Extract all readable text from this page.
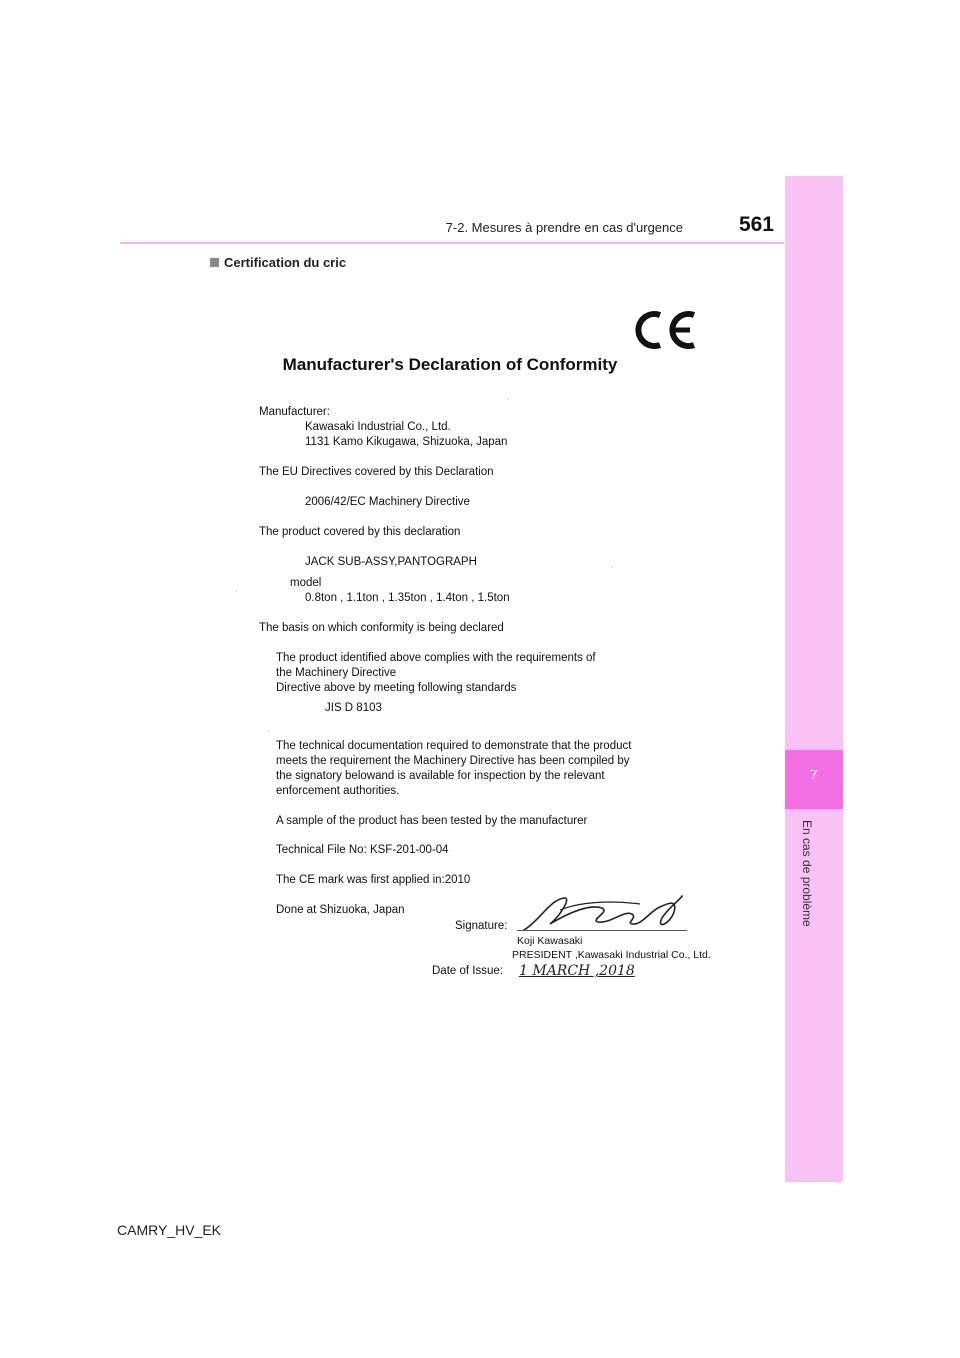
7-2. Mesures à prendre en cas d'urgence	561
7
En cas de problème
Certification du cric
Manufacturer's Declaration of Conformity
Manufacturer:
Kawasaki Industrial Co., Ltd.
1131 Kamo Kikugawa, Shizuoka, Japan
The EU Directives covered by this Declaration
2006/42/EC Machinery Directive
The product covered by this declaration
JACK SUB-ASSY,PANTOGRAPH
model
0.8ton , 1.1ton , 1.35ton , 1.4ton , 1.5ton
The basis on which conformity is being declared
The product identified above complies with the requirements of
the Machinery Directive
Directive above by meeting following standards
JIS D 8103
The technical documentation required to demonstrate that the product
meets the requirement the Machinery Directive has been compiled by
the signatory belowand is available for inspection by the relevant
enforcement authorities.
A sample of the product has been tested by the manufacturer
Technical File No: KSF-201-00-04
The CE mark was first applied in:2010
Done at Shizuoka, Japan
Signature:
Koji Kawasaki
PRESIDENT ,Kawasaki Industrial Co., Ltd.
Date of Issue: 1 MARCH ,2018
CAMRY_HV_EK
